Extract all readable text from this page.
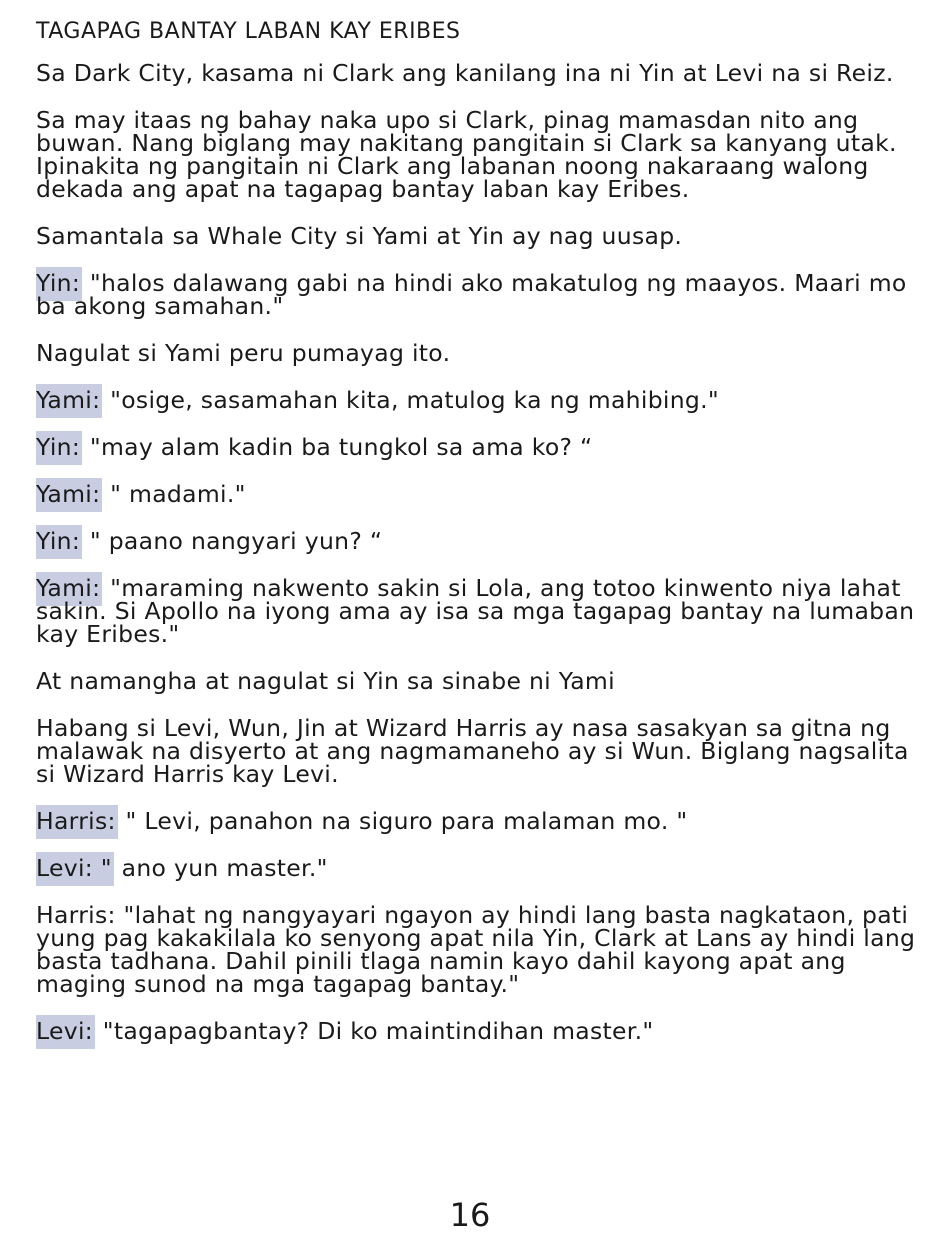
TAGAPAG BANTAY LABAN KAY ERIBES

Sa Dark City, kasama ni Clark ang kanilang ina ni Yin at Levi na si Reiz.

Sa may itaas ng bahay naka upo si Clark, pinag mamasdan nito ang buwan. Nang biglang may nakitang pangitain si Clark sa kanyang utak. Ipinakita ng pangitain ni Clark ang labanan noong nakaraang walong dekada ang apat na tagapag bantay laban kay Eribes.

Samantala sa Whale City si Yami at Yin ay nag uusap.

Yin: "halos dalawang gabi na hindi ako makatulog ng maayos. Maari mo ba akong samahan."

Nagulat si Yami peru pumayag ito.

Yami: "osige, sasamahan kita, matulog ka ng mahibing."

Yin: "may alam kadin ba tungkol sa ama ko? “

Yami: " madami."

Yin: " paano nangyari yun? “

Yami: "maraming nakwento sakin si Lola, ang totoo kinwento niya lahat sakin. Si Apollo na iyong ama ay isa sa mga tagapag bantay na lumaban kay Eribes."

At namangha at nagulat si Yin sa sinabe ni Yami

Habang si Levi, Wun, Jin at Wizard Harris ay nasa sasakyan sa gitna ng malawak na disyerto at ang nagmamaneho ay si Wun. Biglang nagsalita si Wizard Harris kay Levi.

Harris: " Levi, panahon na siguro para malaman mo. "

Levi: " ano yun master."

Harris: "lahat ng nangyayari ngayon ay hindi lang basta nagkataon, pati yung pag kakakilala ko senyong apat nila Yin, Clark at Lans ay hindi lang basta tadhana. Dahil pinili tlaga namin kayo dahil kayong apat ang maging sunod na mga tagapag bantay."

Levi: "tagapagbantay? Di ko maintindihan master."

16
